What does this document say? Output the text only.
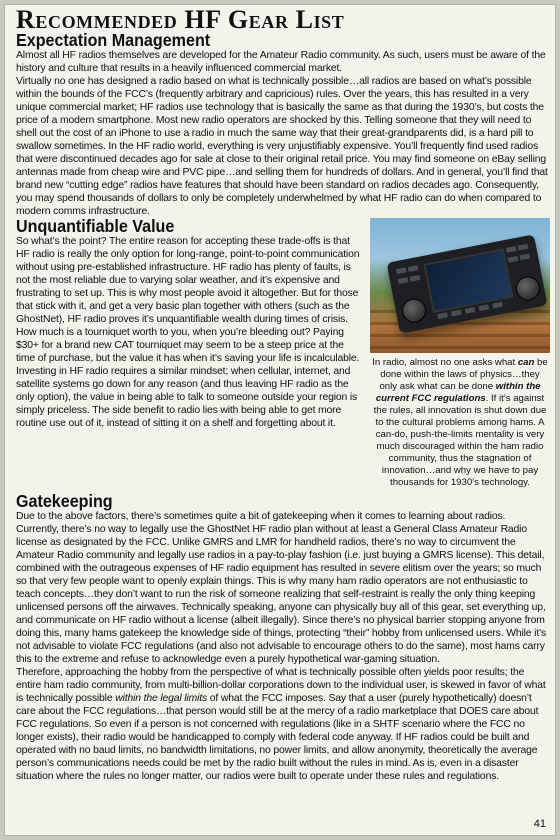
Recommended HF Gear List
Expectation Management

Almost all HF radios themselves are developed for the Amateur Radio community. As such, users must be aware of the history and culture that results in a heavily influenced commercial market.

Virtually no one has designed a radio based on what is technically possible…all radios are based on what’s possible within the bounds of the FCC’s (frequently arbitrary and capricious) rules. Over the years, this has resulted in a very unique commercial market; HF radios use technology that is basically the same as that during the 1930’s, but costs the price of a modern smartphone. Most new radio operators are shocked by this. Telling someone that they will need to shell out the cost of an iPhone to use a radio in much the same way that their great-grandparents did, is a hard pill to swallow sometimes. In the HF radio world, everything is very unjustifiably expensive. You’ll frequently find used radios that were discontinued decades ago for sale at close to their original retail price. You may find someone on eBay selling antennas made from cheap wire and PVC pipe…and selling them for hundreds of dollars. And in general, you’ll find that brand new “cutting edge” radios have features that should have been standard on radios decades ago. Consequently, you may spend thousands of dollars to only be completely underwhelmed by what HF radio can do when compared to modern comms infrastructure.

In radio, almost no one asks what can be done within the laws of physics…they only ask what can be done within the current FCC regulations. If it’s against the rules, all innovation is shut down due to the cultural problems among hams. A can-do, push-the-limits mentality is very much discouraged within the ham radio community, thus the stagnation of innovation…and why we have to pay thousands for 1930’s technology.
Unquantifiable Value

So what’s the point? The entire reason for accepting these trade-offs is that HF radio is really the only option for long-range, point-to-point communication without using pre-established infrastructure. HF radio has plenty of faults, is not the most reliable due to varying solar weather, and it’s expensive and frustrating to set up. This is why most people avoid it altogether. But for those that stick with it, and get a very basic plan together with others (such as the GhostNet), HF radio proves it’s unquantifiable wealth during times of crisis.

How much is a tourniquet worth to you, when you’re bleeding out? Paying $30+ for a brand new CAT tourniquet may seem to be a steep price at the time of purchase, but the value it has when it’s saving your life is incalculable. Investing in HF radio requires a similar mindset; when cellular, internet, and satellite systems go down for any reason (and thus leaving HF radio as the only option), the value in being able to talk to someone outside your region is simply priceless. The side benefit to radio lies with being able to get more routine use out of it, instead of sitting it on a shelf and forgetting about it.

Gatekeeping

Due to the above factors, there’s sometimes quite a bit of gatekeeping when it comes to learning about radios. Currently, there’s no way to legally use the GhostNet HF radio plan without at least a General Class Amateur Radio license as designated by the FCC. Unlike GMRS and LMR for handheld radios, there’s no way to circumvent the Amateur Radio community and legally use radios in a pay-to-play fashion (i.e. just buying a GMRS license). This detail, combined with the outrageous expenses of HF radio equipment has resulted in severe elitism over the years; so much so that very few people want to openly explain things. This is why many ham radio operators are not enthusiastic to teach concepts…they don’t want to run the risk of someone realizing that self-restraint is really the only thing keeping unlicensed persons off the airwaves. Technically speaking, anyone can physically buy all of this gear, set everything up, and communicate on HF radio without a license (albeit illegally). Since there’s no physical barrier stopping anyone from doing this, many hams gatekeep the knowledge side of things, protecting “their” hobby from unlicensed users. While it’s not advisable to violate FCC regulations (and also not advisable to encourage others to do the same), most hams carry this to the extreme and refuse to acknowledge even a purely hypothetical war-gaming situation.

Therefore, approaching the hobby from the perspective of what is technically possible often yields poor results; the entire ham radio community, from multi-billion-dollar corporations down to the individual user, is skewed in favor of what is technically possible within the legal limits of what the FCC imposes. Say that a user (purely hypothetically) doesn’t care about the FCC regulations…that person would still be at the mercy of a radio marketplace that DOES care about FCC regulations. So even if a person is not concerned with regulations (like in a SHTF scenario where the FCC no longer exists), their radio would be handicapped to comply with federal code anyway. If HF radios could be built and operated with no baud limits, no bandwidth limitations, no power limits, and allow anonymity, theoretically the average person’s communications needs could be met by the radio built without the rules in mind. As is, even in a disaster situation where the rules no longer matter, our radios were built to operate under these rules and regulations.

41
